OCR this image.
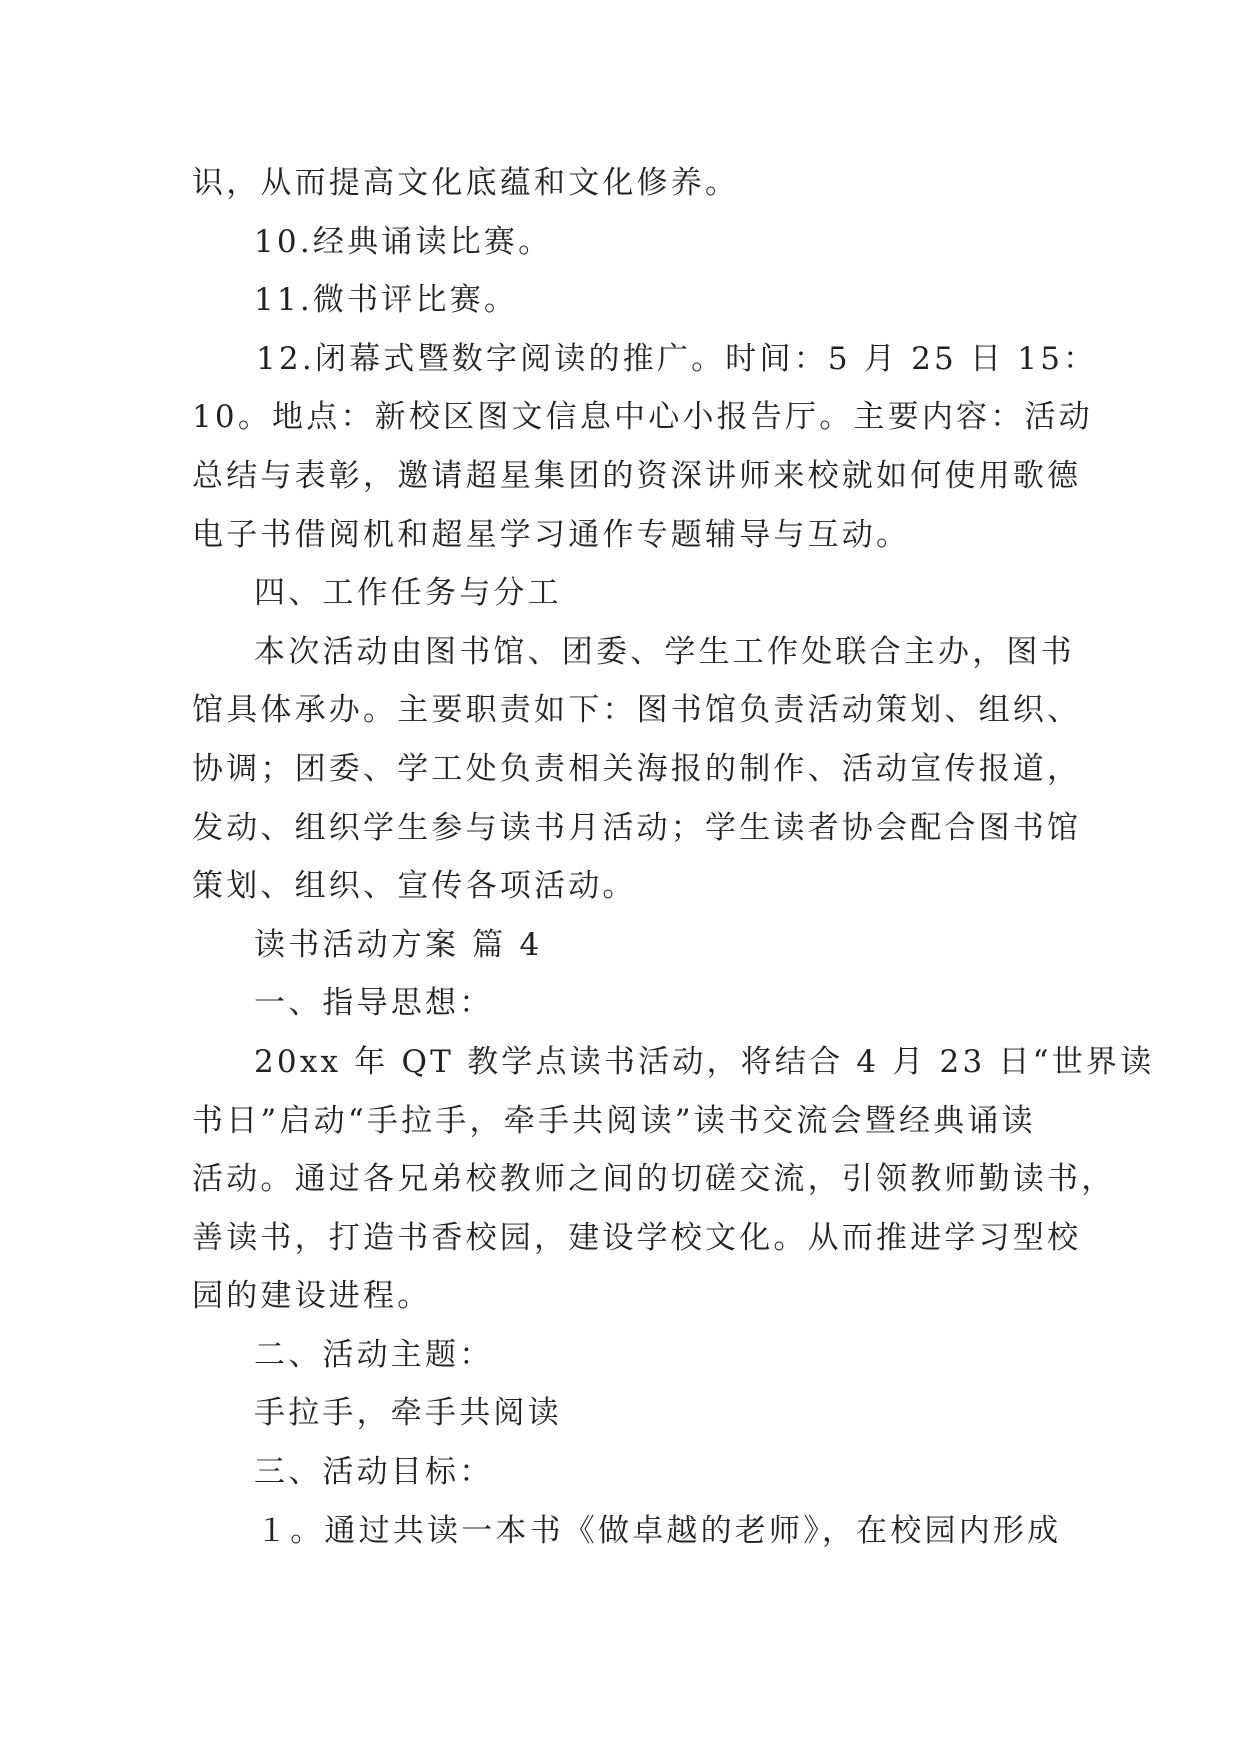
识，从而提高文化底蕴和文化修养。
10.经典诵读比赛。
11.微书评比赛。
12.闭幕式暨数字阅读的推广。时间：5 月 25 日 15：
10。地点：新校区图文信息中心小报告厅。主要内容：活动
总结与表彰，邀请超星集团的资深讲师来校就如何使用歌德
电子书借阅机和超星学习通作专题辅导与互动。
四、工作任务与分工
本次活动由图书馆、团委、学生工作处联合主办，图书
馆具体承办。主要职责如下：图书馆负责活动策划、组织、
协调；团委、学工处负责相关海报的制作、活动宣传报道，
发动、组织学生参与读书月活动；学生读者协会配合图书馆
策划、组织、宣传各项活动。
读书活动方案 篇 4
一、指导思想：
20xx 年 QT 教学点读书活动，将结合 4 月 23 日“世界读
书日”启动“手拉手，牵手共阅读”读书交流会暨经典诵读
活动。通过各兄弟校教师之间的切磋交流，引领教师勤读书，
善读书，打造书香校园，建设学校文化。从而推进学习型校
园的建设进程。
二、活动主题：
手拉手，牵手共阅读
三、活动目标：
１。通过共读一本书《做卓越的老师》，在校园内形成
